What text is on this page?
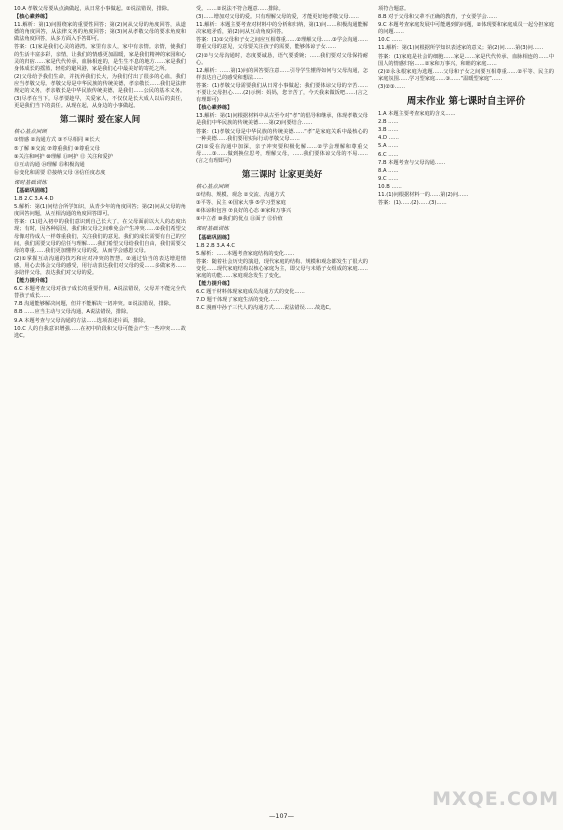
10.A 孝敬父母要从点滴做起，从日常小事做起。②说法错误，排除。

【核心素养练】

11.解析：第(1)问围绕家的重要性回答；第(2)问从父母的角度回答，从道德的角度回答，从法律义务的角度回答；第(3)问从孝敬父母的要求角度和做法角度回答，从多方面入手答即可。

答案：(1)家是我们心灵的港湾。家里有亲人，家中有亲情。亲情，使我们的生活丰富多彩，亲情，让我们的情感更加温暖，家是我们精神的家园和心灵的归宿……家是代代传承，血脉相连的，是生生不息的地方……家是我们身体成长的摇篮，轻松的避风港，家是我们心中最美好的寄托之所。

(2)父母给予我们生命，并抚养我们长大，为我们付出了很多的心血，我们应当孝敬父母。孝敬父母是中华民族的传统美德，孝亲敬长……我们是法律规定的义务，孝亲敬长是中华民族传统美德，是我们……公民的基本义务。

(3)尽孝在当下。尽孝要趁早，关爱家人，不仅仅是长大成人以后的责任，更是我们当下的责任。从现在起，从身边的小事做起。

第二课时 爱在家人间

核心基点回顾

①情感 ②沟通方式 ③不尽相同 ④长大

⑤了解 ⑥交流 ⑦尊重我们 ⑧尊重父母

⑨关注和呵护 ⑩理解 ⑪呵护 ⑫ 关注和爱护

⑬互动沟通 ⑭理解 ⑮积极沟通

⑯变化和需要 ⑰接纳父母 ⑱信任度态度

课时基础训练

【基础巩固练】

1.B 2.C 3.A 4.D

5.解析：第(1)问结合所学知识，从青少年的角度回答；第(2)问从父母的角度回答问题，从互相沟通的角度回答即可。

答案：(1)进入初中的我们意识到自己长大了，在父母面前以大人的态度出现；有时，因各种原因，我们和父母之间难免会产生冲突……②我们希望父母像对待成人一样尊重我们，关注我们的意见。我们的成长需要有自己的空间，我们需要父母的信任与理解……我们希望父母给我们自由，我们需要父母的尊重……我们更加懂得父母的爱，从而学会感恩父母。

(2)①掌握互动沟通的技巧和应对冲突的智慧。②通过恰当的表达增进情感，用心去体会父母的感受，用行动表达我们对父母的爱……多做家务……多陪伴父母，表达我们对父母的爱。

【能力提升练】

6.C 本题考查父母对孩子成长的重要作用。A说法错误，父母并不能完全代替孩子成长……

7.B 沟通能够解决问题，但并不能解决一切冲突。②说法错误，排除。

8.B ……应当主动与父母沟通，A说法错误，排除。

9.A 本题考查与父母沟通的方法……选项表述片面，排除。

10.C 人的自我意识增强……在初中阶段和父母可能会产生一些冲突……故选C。

受。……②说法不符合题意……排除。

(3)……增加对父母的爱。只有理解父母的爱，才能更好地孝敬父母……

11.解析：本题主要考查对材料中的分析和归纳，第(1)问……积极沟通能解决家庭矛盾，第(2)问从互动角度回答。

答案：(1)①父母和子女之间应互相尊重……②理解父母……③学会沟通……尊重父母的意见，父母要关注孩子的需要，能够体谅子女……

(2)②与父母沟通时，态度要诚恳，语气要委婉；……我们要对父母保持耐心。

12.解析：……第(1)问的回答要注意……引导学生懂得如何与父母沟通，怎样表达自己的感受和想法……

答案：(1)孝敬父母需要我们从日常小事做起；我们要体谅父母的辛苦……不要让父母担心……(2)示例：妈妈，您辛苦了，今天我来做饭吧……(言之有理即可)

【核心素养练】

13.解析：第(1)问根据材料中从古至今对“孝”的倡导和继承，体现孝敬父母是我们中华民族的传统美德……第(2)问要结合……

答案：(1)孝敬父母是中华民族的传统美德……“孝”是家庭关系中最核心的一种美德……我们要用实际行动孝敬父母……

(2)①爱在沟通中加深，亲子冲突要积极化解……②学会理解和尊重父母……③……做到换位思考，理解父母，……我们要体谅父母的不易……(言之有理即可)

第三课时 让家更美好

核心基点回顾

①结构、规模、观念 ②交流、沟通方式

③平等、民主 ④国家大事 ⑤学习型家庭

⑥体谅和包容 ⑦良好的心态 ⑧家和万事兴

⑨中立者 ⑩我们的优点 ⑪面子 ⑫价值

课时基础训练

【基础巩固练】

1.B 2.B 3.A 4.C

5.解析：……本题考查家庭结构的变化……

答案：随着社会历史的演进，现代家庭的结构、规模和观念都发生了很大的变化……现代家庭结构以核心家庭为主，即父母与未婚子女组成的家庭……家庭的功能……家庭观念发生了变化。

【能力提升练】

6.C 题干材料体现家庭成员沟通方式的变化……

7.D 题干体现了家庭生活的变化……

8.C 漫画中孙子三代人的沟通方式……说法错误……故选C。

项符合题意。

8.B 对于父母和父辈不正确的教育，子女要学会……

9.C 本题考查家庭发展中可能遇到的问题，②体现要和家庭成员一起分担家庭的问题……

10.C ……

11.解析：第(1)问根据所学知识表述家的意义；第(2)问……第(3)问……

答案：(1)家庭是社会的细胞……家是……家是代代传承、血脉相连的……中国人的情感归宿……②家和万事兴，和睦的家庭……

(2)②永永根家庭为选题……父母和子女之间要互相尊重……②平等、民主的家庭氛围……学习型家庭……③……“温暖型家庭”……

(3)②③……

周末作业 第七课时自主评价

1.A 本题主要考查家庭的含义……

2.B ……

3.B ……

4.D ……

5.A ……

6.C ……

7.B 本题考查与父母沟通……

8.A ……

9.C ……

10.B ……

11.(1)问根据材料一的……第(2)问……

答案：(1)……(2)……(3)……

—107—
MXQE.COM
